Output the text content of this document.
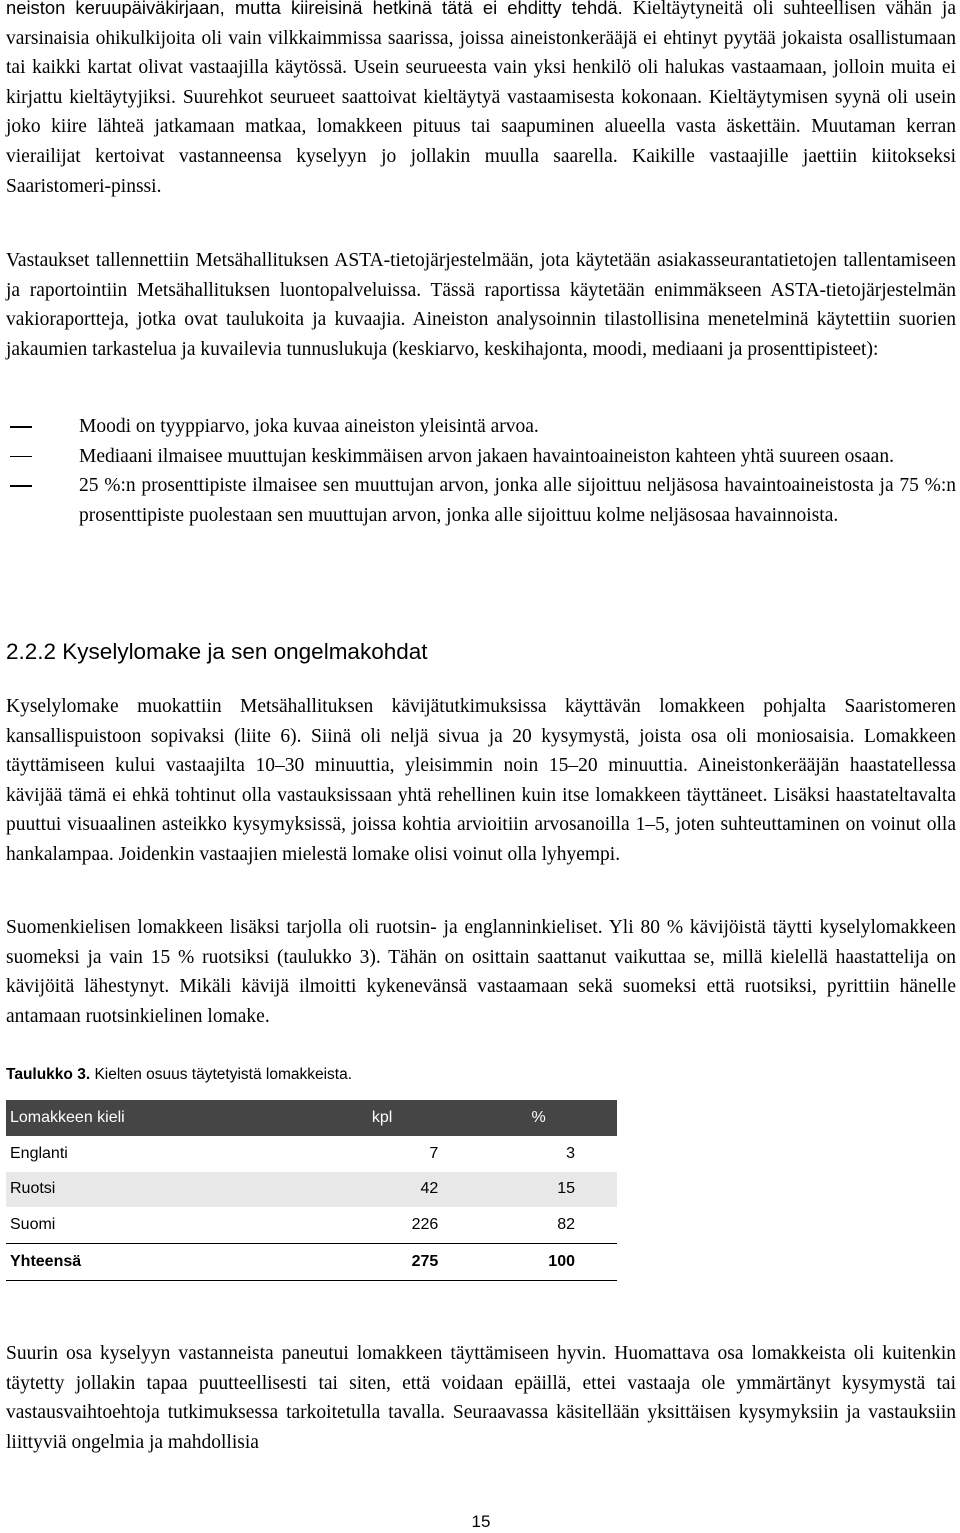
neiston keruupäiväkirjaan, mutta kiireisinä hetkinä tätä ei ehditty tehdä. Kieltäytyneitä oli suhteellisen vähän ja varsinaisia ohikulkijoita oli vain vilkkaimmissa saarissa, joissa aineistonkerääjä ei ehtinyt pyytää jokaista osallistumaan tai kaikki kartat olivat vastaajilla käytössä. Usein seurueesta vain yksi henkilö oli halukas vastaamaan, jolloin muita ei kirjattu kieltäytyjiksi. Suurehkot seurueet saattoivat kieltäytyä vastaamisesta kokonaan. Kieltäytymisen syynä oli usein joko kiire lähteä jatkamaan matkaa, lomakkeen pituus tai saapuminen alueella vasta äskettäin. Muutaman kerran vierailijat kertoivat vastanneensa kyselyyn jo jollakin muulla saarella. Kaikille vastaajille jaettiin kiitokseksi Saaristomeri-pinssi.

Vastaukset tallennettiin Metsähallituksen ASTA-tietojärjestelmään, jota käytetään asiakasseurantatietojen tallentamiseen ja raportointiin Metsähallituksen luontopalveluissa. Tässä raportissa käytetään enimmäkseen ASTA-tietojärjestelmän vakioraportteja, jotka ovat taulukoita ja kuvaajia. Aineiston analysoinnin tilastollisina menetelminä käytettiin suorien jakaumien tarkastelua ja kuvailevia tunnuslukuja (keskiarvo, keskihajonta, moodi, mediaani ja prosenttipisteet):

Moodi on tyyppiarvo, joka kuvaa aineiston yleisintä arvoa.
Mediaani ilmaisee muuttujan keskimmäisen arvon jakaen havaintoaineiston kahteen yhtä suureen osaan.
25 %:n prosenttipiste ilmaisee sen muuttujan arvon, jonka alle sijoittuu neljäsosa havaintoaineistosta ja 75 %:n prosenttipiste puolestaan sen muuttujan arvon, jonka alle sijoittuu kolme neljäsosaa havainnoista.
2.2.2 Kyselylomake ja sen ongelmakohdat

Kyselylomake muokattiin Metsähallituksen kävijätutkimuksissa käyttävän lomakkeen pohjalta Saaristomeren kansallispuistoon sopivaksi (liite 6). Siinä oli neljä sivua ja 20 kysymystä, joista osa oli moniosaisia. Lomakkeen täyttämiseen kului vastaajilta 10–30 minuuttia, yleisimmin noin 15–20 minuuttia. Aineistonkerääjän haastatellessa kävijää tämä ei ehkä tohtinut olla vastauksissaan yhtä rehellinen kuin itse lomakkeen täyttäneet. Lisäksi haastateltavalta puuttui visuaalinen asteikko kysymyksissä, joissa kohtia arvioitiin arvosanoilla 1–5, joten suhteuttaminen on voinut olla hankalampaa. Joidenkin vastaajien mielestä lomake olisi voinut olla lyhyempi.

Suomenkielisen lomakkeen lisäksi tarjolla oli ruotsin- ja englanninkieliset. Yli 80 % kävijöistä täytti kyselylomakkeen suomeksi ja vain 15 % ruotsiksi (taulukko 3). Tähän on osittain saattanut vaikuttaa se, millä kielellä haastattelija on kävijöitä lähestynyt. Mikäli kävijä ilmoitti kykenevänsä vastaamaan sekä suomeksi että ruotsiksi, pyrittiin hänelle antamaan ruotsinkielinen lomake.

Taulukko 3. Kielten osuus täytetyistä lomakkeista.
Lomakkeen kieli	kpl	%
Englanti	7	3
Ruotsi	42	15
Suomi	226	82
Yhteensä	275	100

Suurin osa kyselyyn vastanneista paneutui lomakkeen täyttämiseen hyvin. Huomattava osa lomakkeista oli kuitenkin täytetty jollakin tapaa puutteellisesti tai siten, että voidaan epäillä, ettei vastaaja ole ymmärtänyt kysymystä tai vastausvaihtoehtoja tutkimuksessa tarkoitetulla tavalla. Seuraavassa käsitellään yksittäisen kysymyksiin ja vastauksiin liittyviä ongelmia ja mahdollisia

15
